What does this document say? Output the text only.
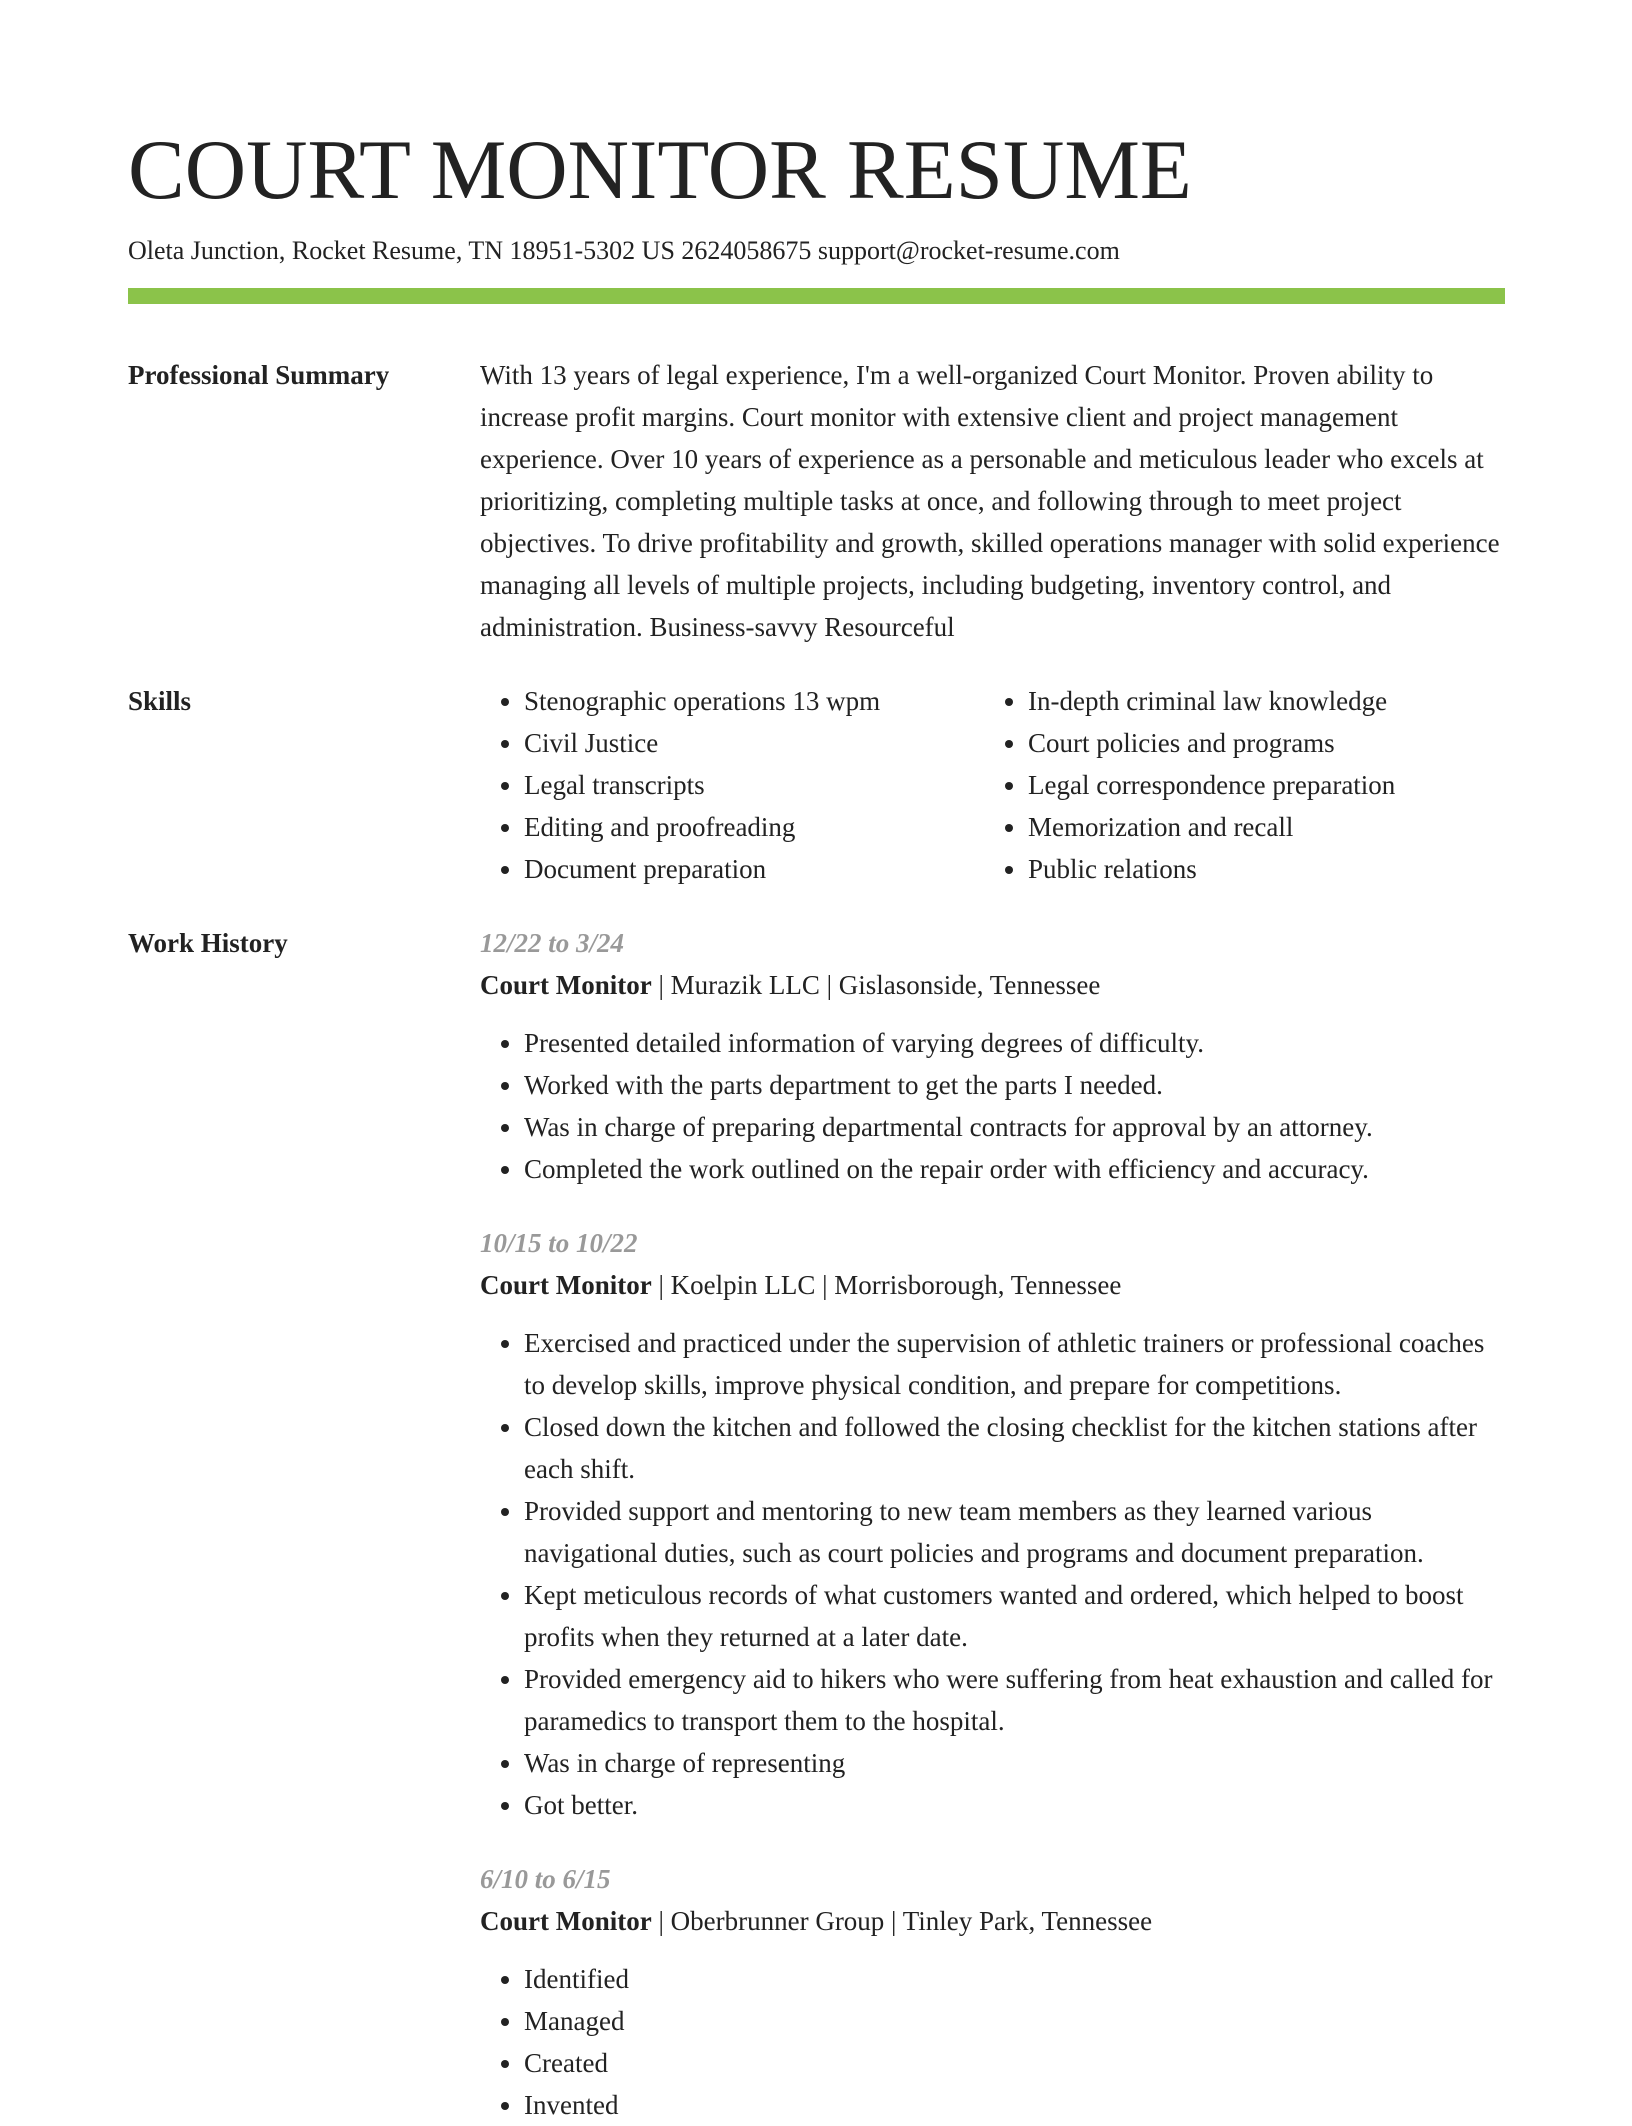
COURT MONITOR RESUME
Oleta Junction, Rocket Resume, TN 18951-5302 US 2624058675 support@rocket-resume.com
Professional Summary	With 13 years of legal experience, I'm a well-organized Court Monitor. Proven ability to increase profit margins. Court monitor with extensive client and project management experience. Over 10 years of experience as a personable and meticulous leader who excels at prioritizing, completing multiple tasks at once, and following through to meet project objectives. To drive profitability and growth, skilled operations manager with solid experience managing all levels of multiple projects, including budgeting, inventory control, and administration. Business-savvy Resourceful

Skills
•	Stenographic operations 13 wpm
• Civil Justice
• Legal transcripts
• Editing and proofreading
• Document preparation
• In-depth criminal law knowledge
• Court policies and programs
• Legal correspondence preparation
• Memorization and recall
• Public relations
Work History	12/22 to 3/24
Court Monitor | Murazik LLC | Gislasonside, Tennessee
• Presented detailed information of varying degrees of difficulty.
• Worked with the parts department to get the parts I needed.
• Was in charge of preparing departmental contracts for approval by an attorney.
• Completed the work outlined on the repair order with efficiency and accuracy.
10/15 to 10/22
Court Monitor | Koelpin LLC | Morrisborough, Tennessee
• Exercised and practiced under the supervision of athletic trainers or professional coaches to develop skills, improve physical condition, and prepare for competitions.
• Closed down the kitchen and followed the closing checklist for the kitchen stations after each shift.
• Provided support and mentoring to new team members as they learned various navigational duties, such as court policies and programs and document preparation.
• Kept meticulous records of what customers wanted and ordered, which helped to boost profits when they returned at a later date.
• Provided emergency aid to hikers who were suffering from heat exhaustion and called for paramedics to transport them to the hospital.
• Was in charge of representing
• Got better.
6/10 to 6/15
Court Monitor | Oberbrunner Group | Tinley Park, Tennessee
• Identified
• Managed
• Created
• Invented
